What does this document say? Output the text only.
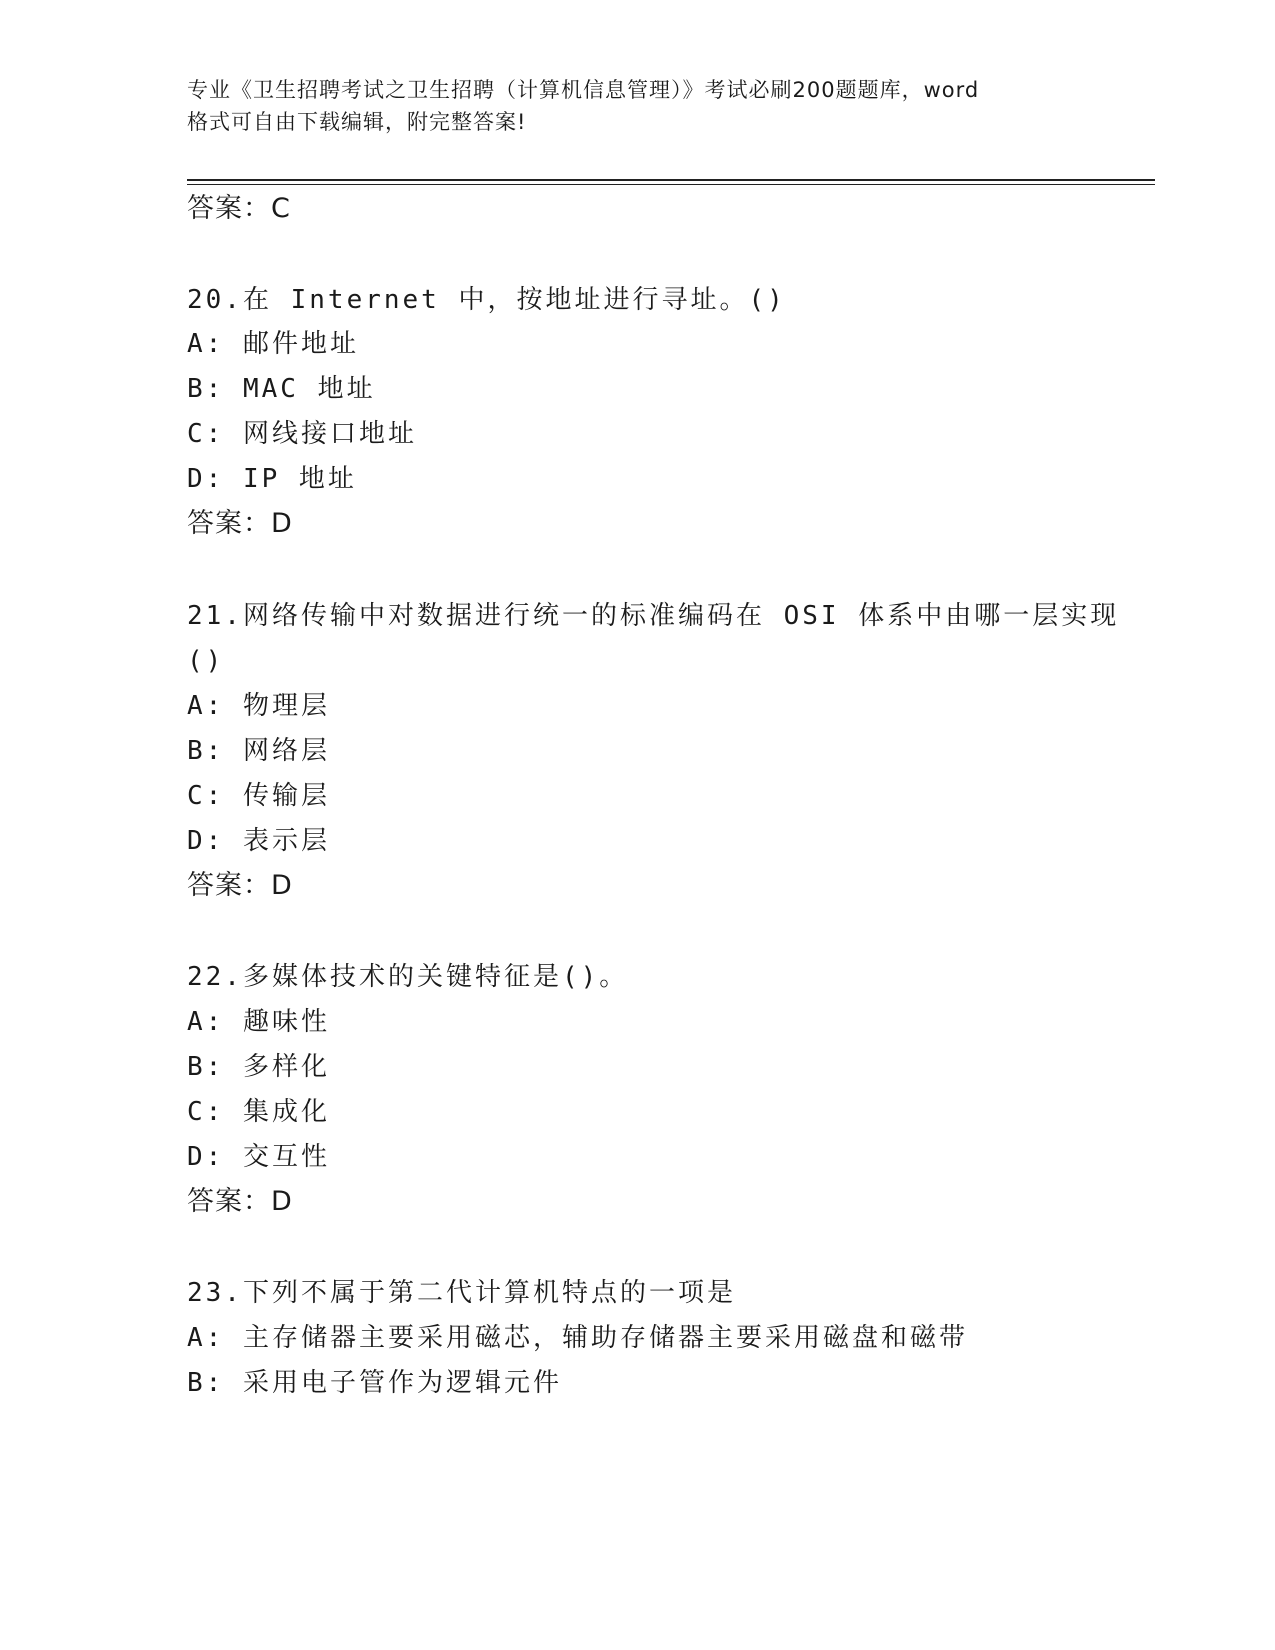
专业《卫生招聘考试之卫生招聘（计算机信息管理）》考试必刷200题题库，word
格式可自由下载编辑，附完整答案!
答案：C
20.在 Internet 中，按地址进行寻址。()
A: 邮件地址
B: MAC 地址
C: 网线接口地址
D: IP 地址
答案：D
21.网络传输中对数据进行统一的标准编码在 OSI 体系中由哪一层实现
()
A: 物理层
B: 网络层
C: 传输层
D: 表示层
答案：D
22.多媒体技术的关键特征是()。
A: 趣味性
B: 多样化
C: 集成化
D: 交互性
答案：D
23.下列不属于第二代计算机特点的一项是
A: 主存储器主要采用磁芯，辅助存储器主要采用磁盘和磁带
B: 采用电子管作为逻辑元件
